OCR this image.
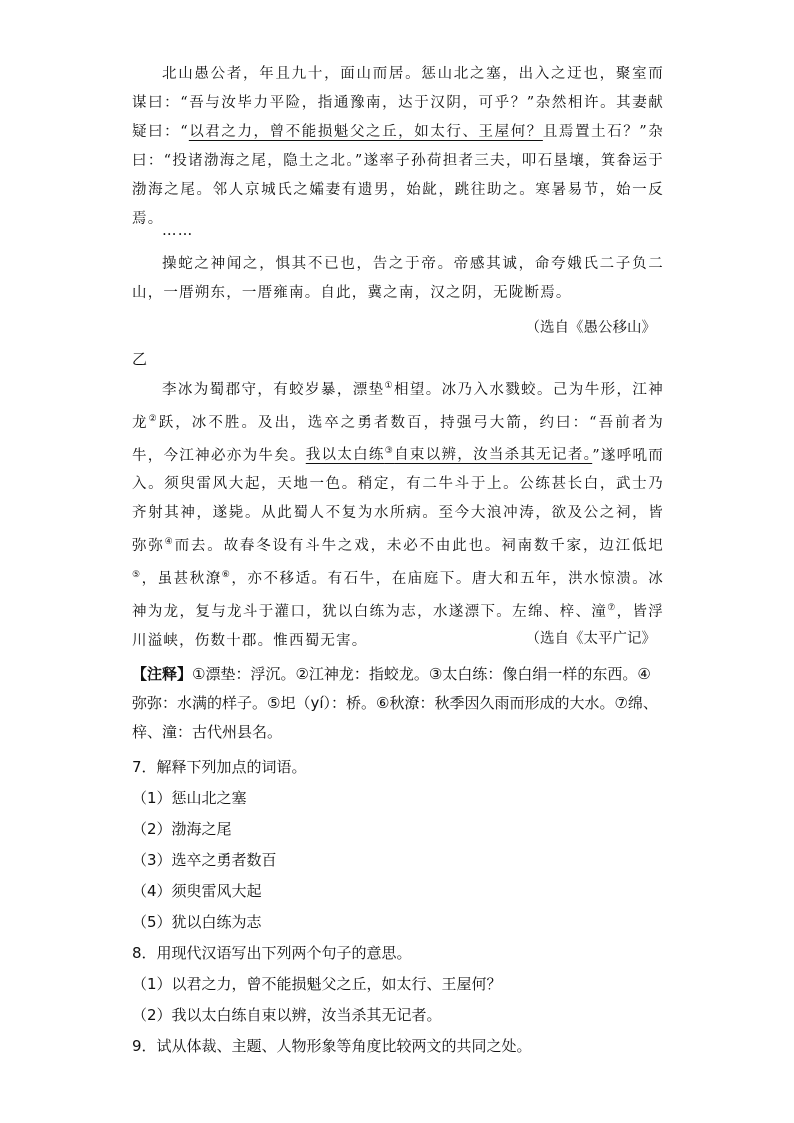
北山愚公者，年且九十，面山而居。惩山北之塞，出入之迂也，聚室而谋曰：“吾与汝毕力平险，指通豫南，达于汉阴，可乎？”杂然相许。其妻献疑曰：“以君之力，曾不能损魁父之丘，如太行、王屋何？且焉置土石？”杂曰：“投诸渤海之尾，隐土之北。”遂率子孙荷担者三夫，叩石垦壤，箕畚运于渤海之尾。邻人京城氏之孀妻有遗男，始龀，跳往助之。寒暑易节，始一反焉。

……

操蛇之神闻之，惧其不已也，告之于帝。帝感其诚，命夸娥氏二子负二山，一厝朔东，一厝雍南。自此，冀之南，汉之阴，无陇断焉。

（选自《愚公移山》
乙

李冰为蜀郡守，有蛟岁暴，漂垫①相望。冰乃入水戮蛟。己为牛形，江神龙②跃，冰不胜。及出，选卒之勇者数百，持强弓大箭，约曰：“吾前者为牛，今江神必亦为牛矣。我以太白练③自束以辨，汝当杀其无记者。”遂呼吼而入。须臾雷风大起，天地一色。稍定，有二牛斗于上。公练甚长白，武士乃齐射其神，遂毙。从此蜀人不复为水所病。至今大浪冲涛，欲及公之祠，皆弥弥④而去。故春冬设有斗牛之戏，未必不由此也。祠南数千家，边江低圯⑤，虽甚秋潦⑥，亦不移适。有石牛，在庙庭下。唐大和五年，洪水惊溃。冰神为龙，复与龙斗于灌口，犹以白练为志，水遂漂下。左绵、梓、潼⑦，皆浮川溢峡，伤数十郡。惟西蜀无害。	（选自《太平广记》

【注释】①漂垫：浮沉。②江神龙：指蛟龙。③太白练：像白绢一样的东西。④弥弥：水满的样子。⑤圯（yí）：桥。⑥秋潦：秋季因久雨而形成的大水。⑦绵、梓、潼：古代州县名。

7．解释下列加点的词语。
（1）惩山北之塞
（2）渤海之尾
（3）选卒之勇者数百
（4）须臾雷风大起
（5）犹以白练为志
8．用现代汉语写出下列两个句子的意思。
（1）以君之力，曾不能损魁父之丘，如太行、王屋何？
（2）我以太白练自束以辨，汝当杀其无记者。
9．试从体裁、主题、人物形象等角度比较两文的共同之处。
